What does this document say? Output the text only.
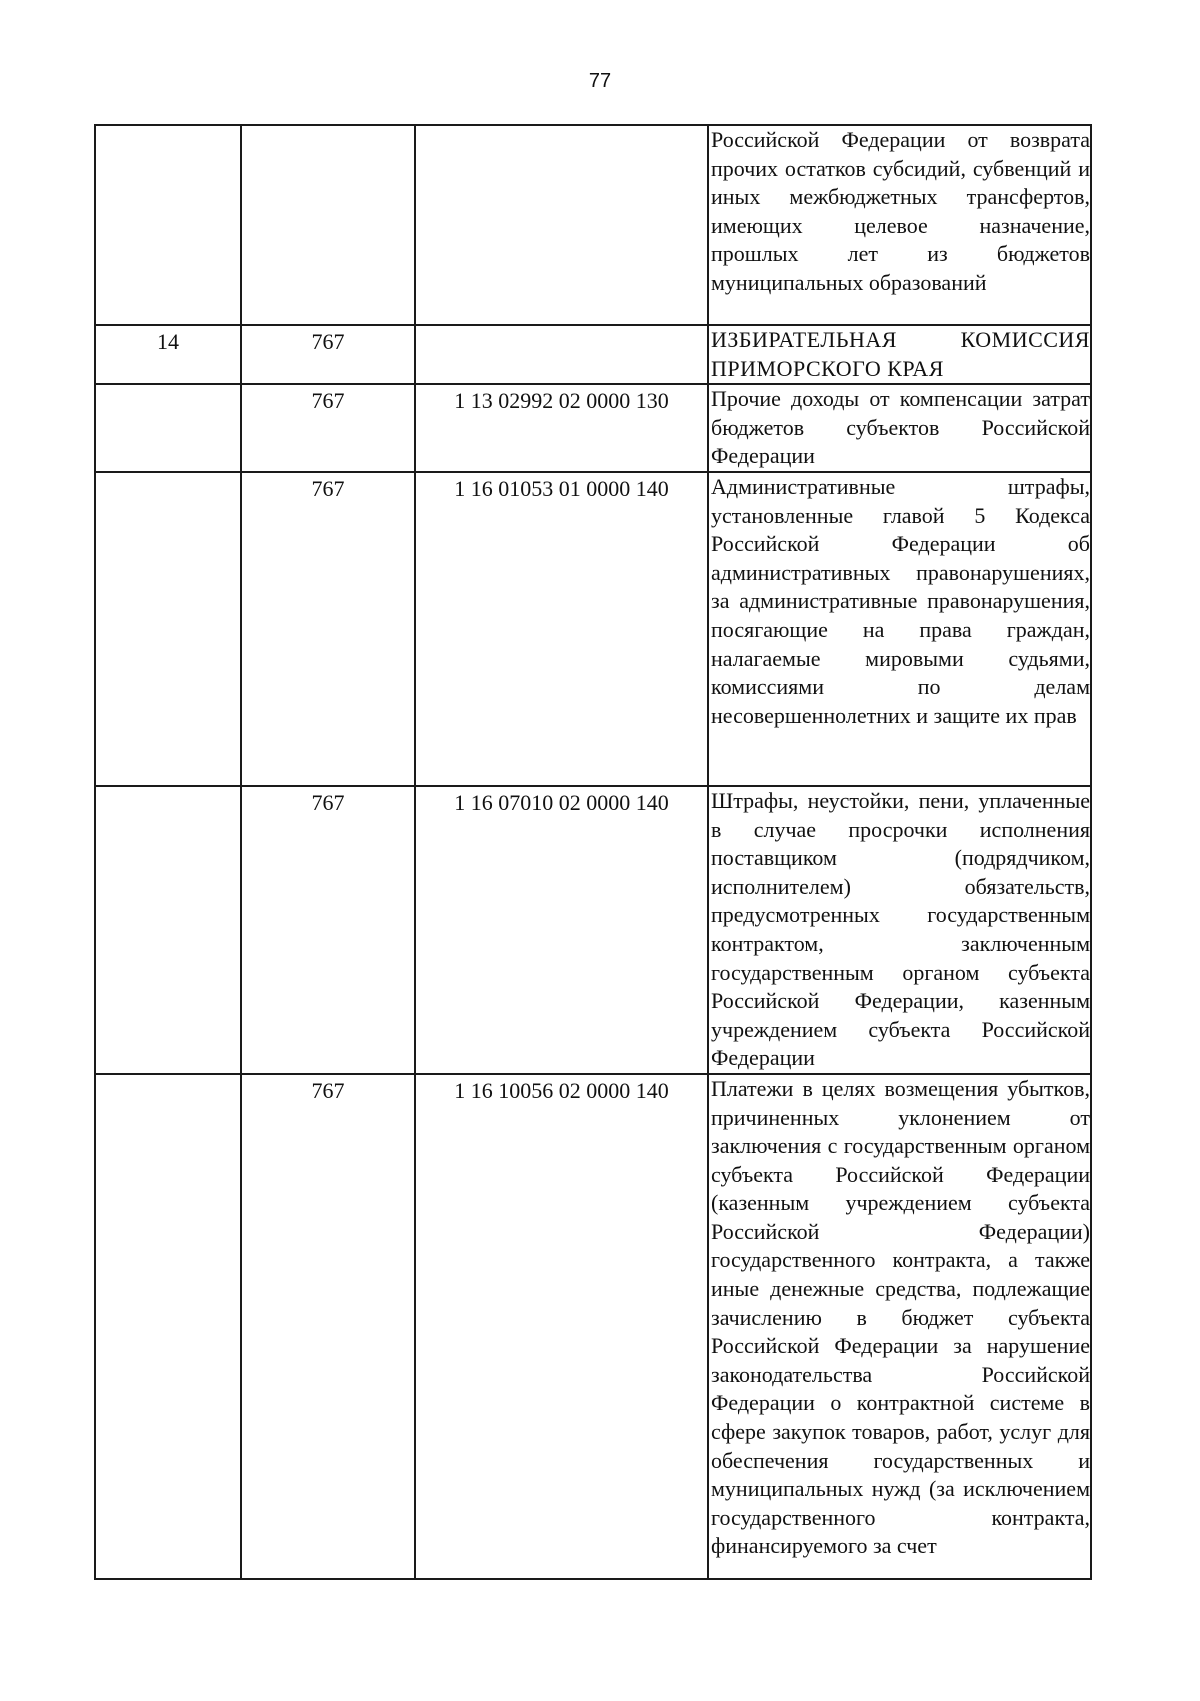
77
			Российской Федерации от возврата прочих остатков субсидий, субвенций и иных межбюджетных трансфертов, имеющих целевое назначение, прошлых лет из бюджетов муниципальных образований
14	767		ИЗБИРАТЕЛЬНАЯ КОМИССИЯ ПРИМОРСКОГО КРАЯ
	767	1 13 02992 02 0000 130	Прочие доходы от компенсации затрат бюджетов субъектов Российской Федерации
	767	1 16 01053 01 0000 140	Административные штрафы, установленные главой 5 Кодекса Российской Федерации об административных правонарушениях, за административные правонарушения, посягающие на права граждан, налагаемые мировыми судьями, комиссиями по делам несовершеннолетних и защите их прав
	767	1 16 07010 02 0000 140	Штрафы, неустойки, пени, уплаченные в случае просрочки исполнения поставщиком (подрядчиком, исполнителем) обязательств, предусмотренных государственным контрактом, заключенным государственным органом субъекта Российской Федерации, казенным учреждением субъекта Российской Федерации
	767	1 16 10056 02 0000 140	Платежи в целях возмещения убытков, причиненных уклонением от заключения с государственным органом субъекта Российской Федерации (казенным учреждением субъекта Российской Федерации) государственного контракта, а также иные денежные средства, подлежащие зачислению в бюджет субъекта Российской Федерации за нарушение законодательства Российской Федерации о контрактной системе в сфере закупок товаров, работ, услуг для обеспечения государственных и муниципальных нужд (за исключением государственного контракта, финансируемого за счет
